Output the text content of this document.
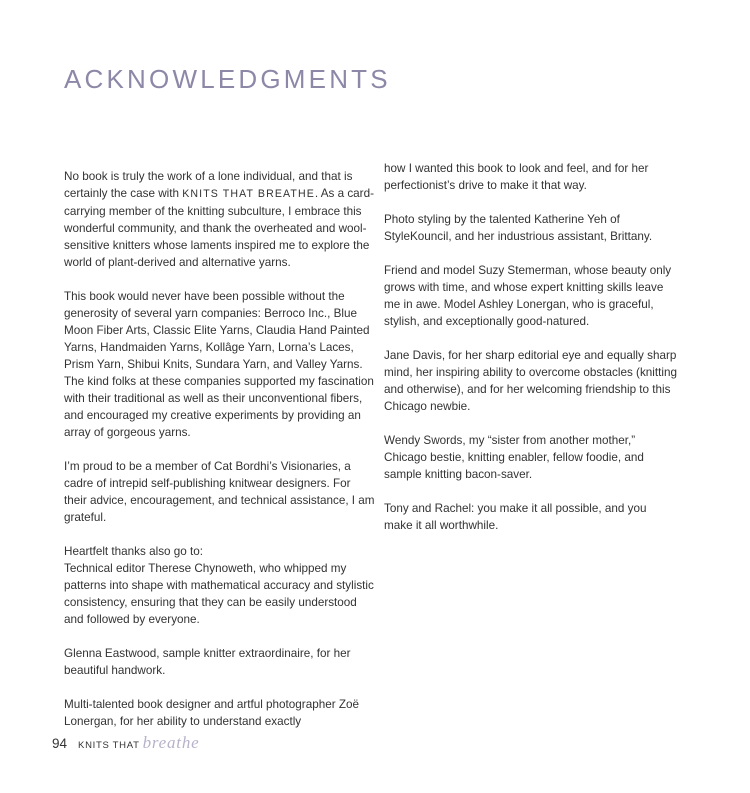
ACKNOWLEDGMENTS

No book is truly the work of a lone individual, and that is certainly the case with KNITS THAT BREATHE. As a card-carrying member of the knitting subculture, I embrace this wonderful community, and thank the overheated and wool-sensitive knitters whose laments inspired me to explore the world of plant-derived and alternative yarns.

This book would never have been possible without the generosity of several yarn companies: Berroco Inc., Blue Moon Fiber Arts, Classic Elite Yarns, Claudia Hand Painted Yarns, Handmaiden Yarns, Kollâge Yarn, Lorna’s Laces, Prism Yarn, Shibui Knits, Sundara Yarn, and Valley Yarns. The kind folks at these companies supported my fascination with their traditional as well as their unconventional fibers, and encouraged my creative experiments by providing an array of gorgeous yarns.

I’m proud to be a member of Cat Bordhi’s Visionaries, a cadre of intrepid self-publishing knitwear designers. For their advice, encouragement, and technical assistance, I am grateful.

Heartfelt thanks also go to:
Technical editor Therese Chynoweth, who whipped my patterns into shape with mathematical accuracy and stylistic consistency, ensuring that they can be easily understood and followed by everyone.

Glenna Eastwood, sample knitter extraordinaire, for her beautiful handwork.

Multi-talented book designer and artful photographer Zoë Lonergan, for her ability to understand exactly

how I wanted this book to look and feel, and for her perfectionist’s drive to make it that way.

Photo styling by the talented Katherine Yeh of StyleKouncil, and her industrious assistant, Brittany.

Friend and model Suzy Stemerman, whose beauty only grows with time, and whose expert knitting skills leave me in awe. Model Ashley Lonergan, who is graceful, stylish, and exceptionally good-natured.

Jane Davis, for her sharp editorial eye and equally sharp mind, her inspiring ability to overcome obstacles (knitting and otherwise), and for her welcoming friendship to this Chicago newbie.

Wendy Swords, my “sister from another mother,” Chicago bestie, knitting enabler, fellow foodie, and sample knitting bacon-saver.

Tony and Rachel: you make it all possible, and you make it all worthwhile.

94 KNITS THAT breathe
